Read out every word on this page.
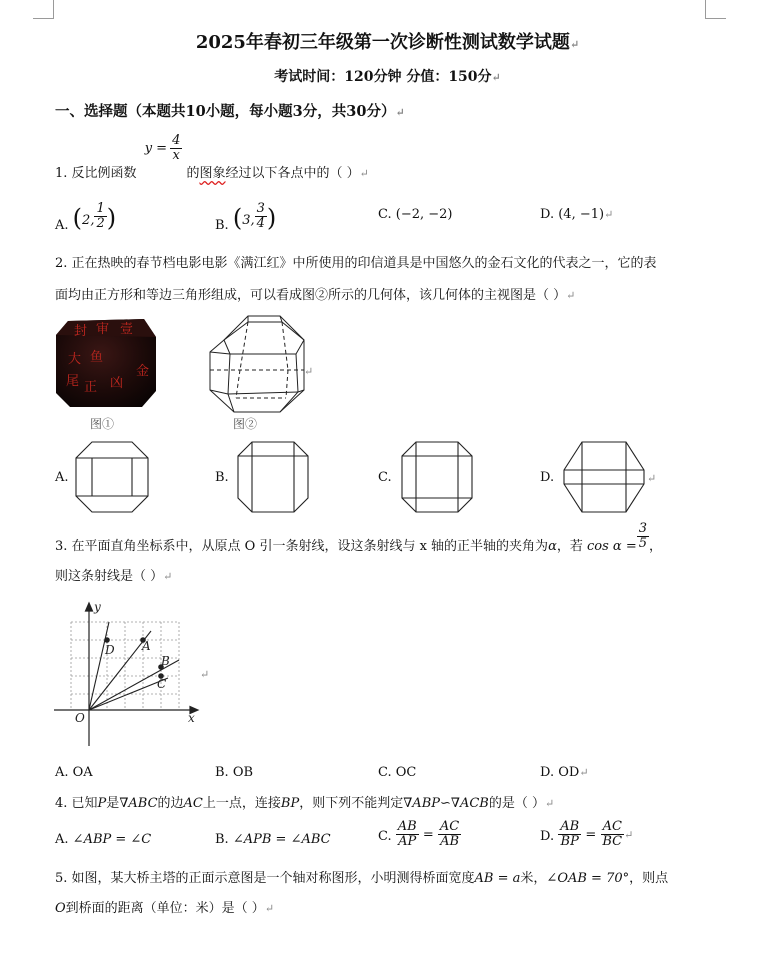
2025年春初三年级第一次诊断性测试数学试题↵
考试时间：120分钟 分值：150分↵
一、选择题（本题共10小题，每小题3分，共30分）↵
1. 反比例函数
$y = \frac{4}{x}$
的图象经过以下各点中的（ ）↵
A. (2, $\frac{1}{2}$ )	B. (3, $\frac{3}{4}$ )	C. (−2, −2)	D. (4, −1)↵
2. 正在热映的春节档电影电影《满江红》中所使用的印信道具是中国悠久的金石文化的代表之一，它的表
面均由正方形和等边三角形组成，可以看成图②所示的几何体，该几何体的主视图是（ ）↵
封 审 壹
大 鱼
金
正 凶
尾
图①	图②
↵
A.	B.	C.	D.	↵
3. 在平面直角坐标系中，从原点 O 引一条射线，设这条射线与 x 轴的正半轴的夹角为α，若 $\cos \alpha = \frac{3}{5}$ ，
则这条射线是（ ）↵
D A
B
C
O	x
y
↵
A. OA	B. OB	C. OC	D. OD↵
4. 已知P是∇ABC的边AC上一点，连接BP，则下列不能判定∇ABP∽∇ACB的是（ ）↵
A. ∠ABP = ∠C	B. ∠APB = ∠ABC	C. $\frac{AB}{AP} = \frac{AC}{AB}$	D. $\frac{AB}{BP} = \frac{AC}{BC}$ ↵
5. 如图，某大桥主塔的正面示意图是一个轴对称图形，小明测得桥面宽度AB = a米，∠OAB = 70°，则点
O到桥面的距离（单位：米）是（ ）↵
